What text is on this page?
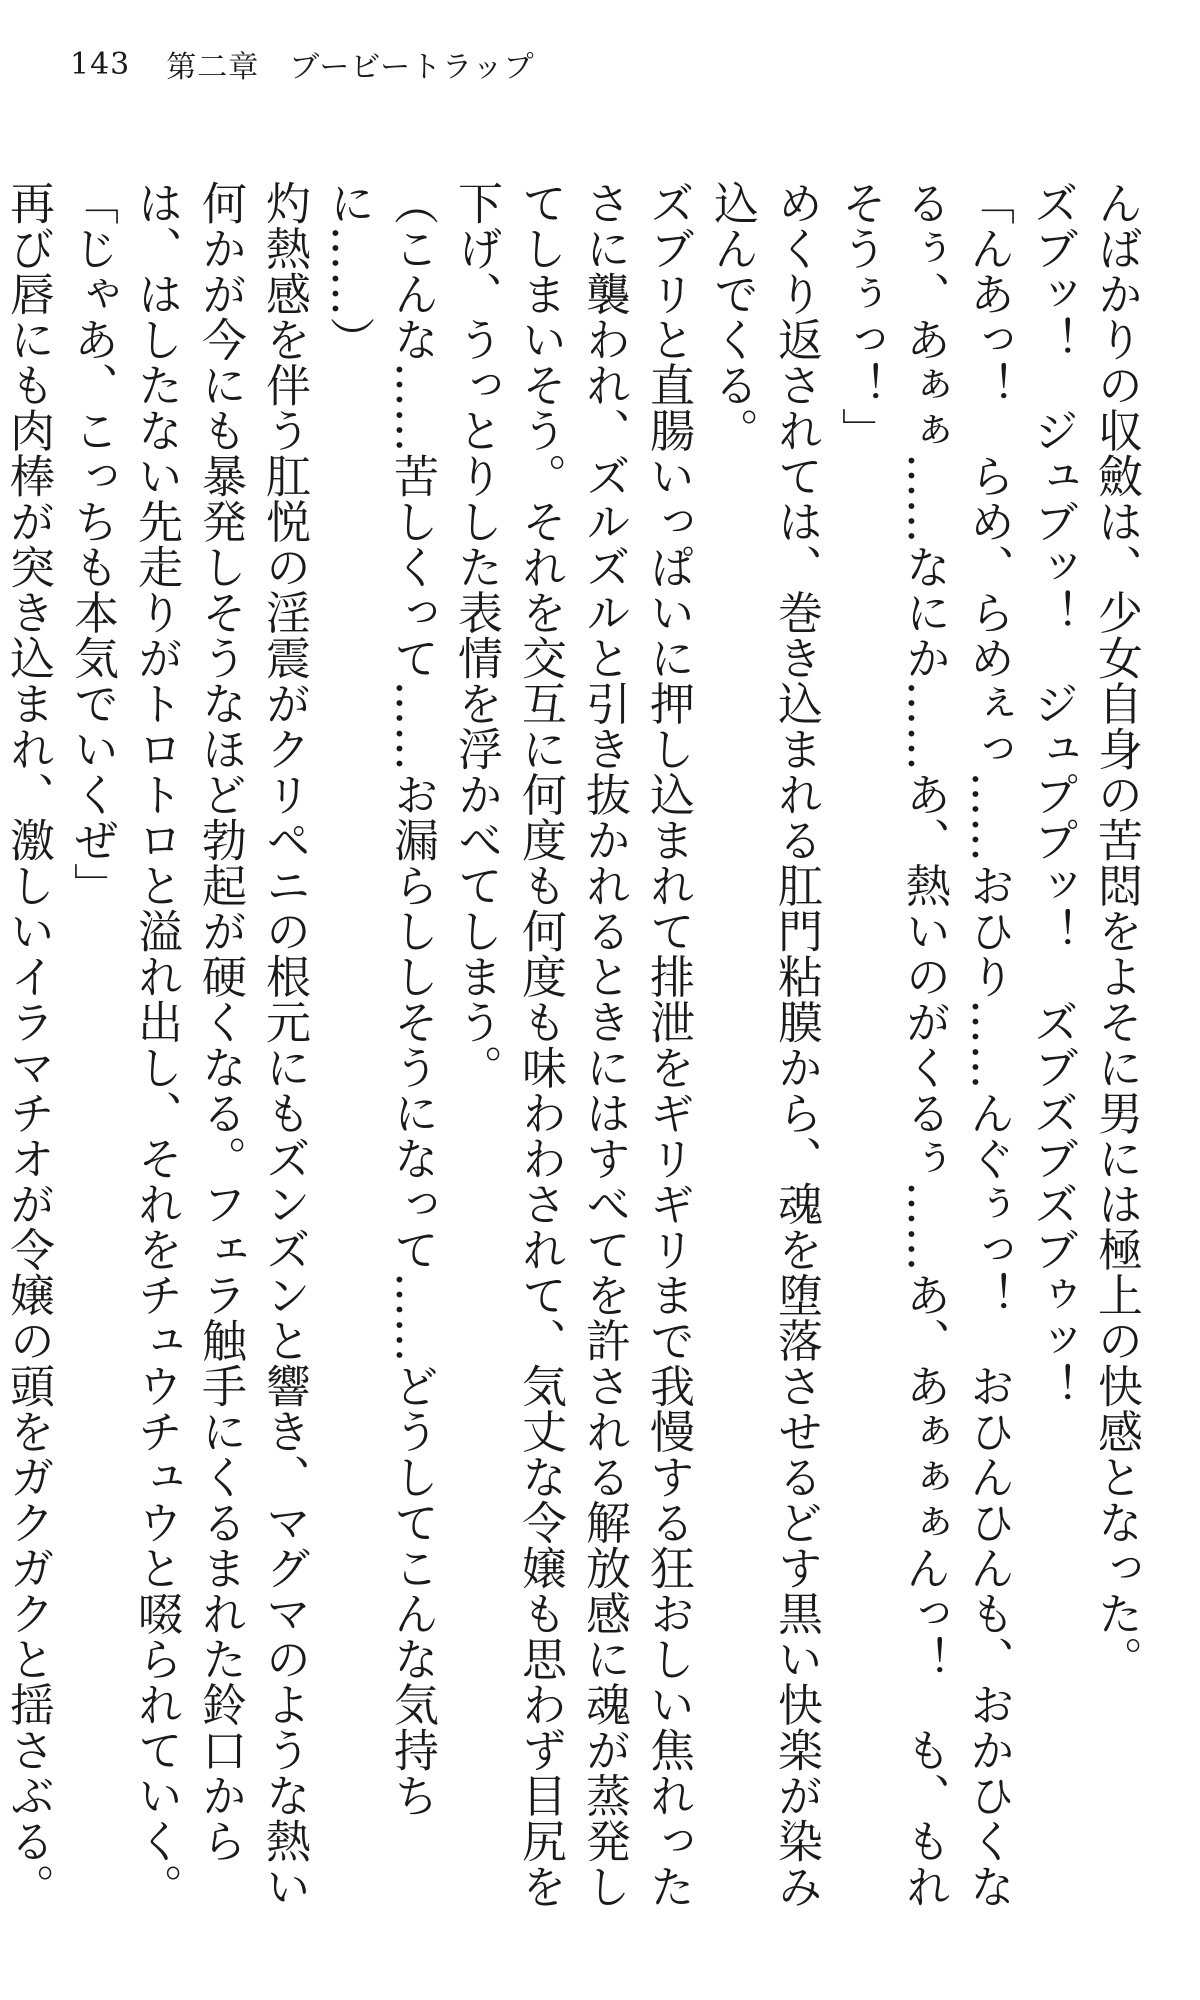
143 第二章 ブービートラップ

んばかりの収斂は、少女自身の苦悶をよそに男には極上の快感となった。

ズブッ！　ジュブッ！　ジュププッ！　ズブズブズブゥッ！

「んあっ！　らめ、らめぇっ……おひり……んぐぅっ！　おひんひんも、おかひくなるぅ、あぁぁ……なにか……あ、熱いのがくるぅ……あ、あぁぁぁんっ！　も、もれそうぅっ！」

めくり返されては、巻き込まれる肛門粘膜から、魂を堕落させるどす黒い快楽が染み込んでくる。

ズブリと直腸いっぱいに押し込まれて排泄をギリギリまで我慢する狂おしい焦れったさに襲われ、ズルズルと引き抜かれるときにはすべてを許される解放感に魂が蒸発してしまいそう。それを交互に何度も何度も味わわされて、気丈な令嬢も思わず目尻を下げ、うっとりした表情を浮かべてしまう。

（こんな……苦しくって……お漏らししそうになって……どうしてこんな気持ちに……）

灼熱感を伴う肛悦の淫震がクリペニの根元にもズンズンと響き、マグマのような熱い何かが今にも暴発しそうなほど勃起が硬くなる。フェラ触手にくるまれた鈴口からは、はしたない先走りがトロトロと溢れ出し、それをチュウチュウと啜られていく。

「じゃあ、こっちも本気でいくぜ」

再び唇にも肉棒が突き込まれ、激しいイラマチオが令嬢の頭をガクガクと揺さぶる。
